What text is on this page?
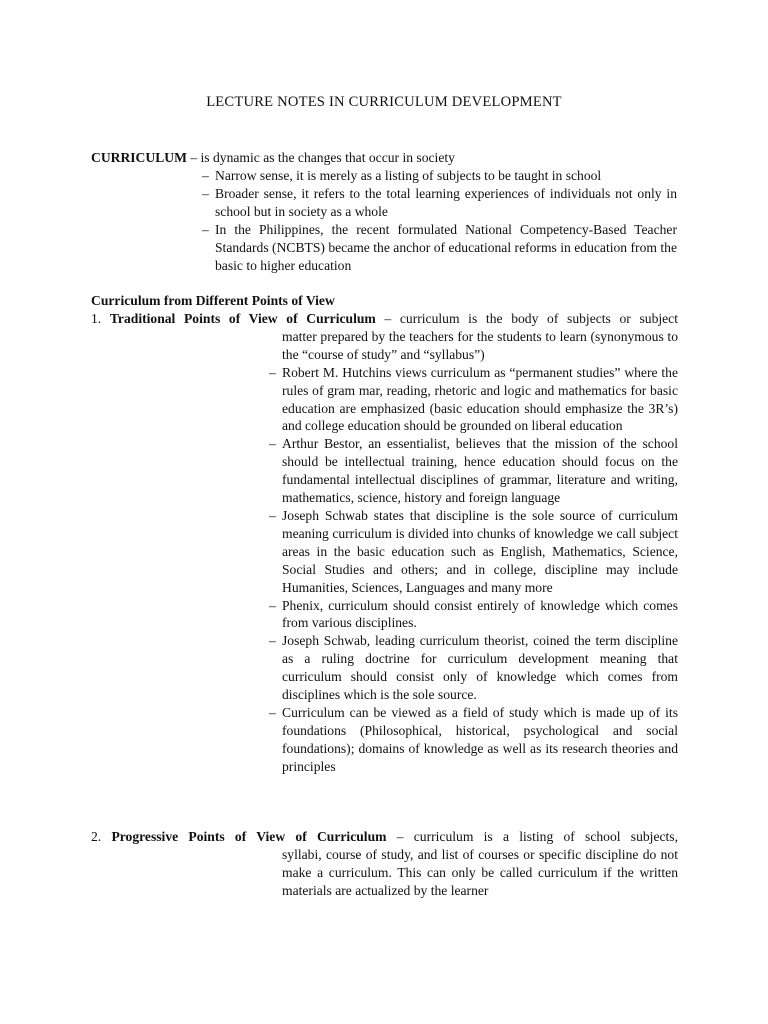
LECTURE NOTES IN CURRICULUM DEVELOPMENT
CURRICULUM – is dynamic as the changes that occur in society
– Narrow sense, it is merely as a listing of subjects to be taught in school
– Broader sense, it refers to the total learning experiences of individuals not only in school but in society as a whole
– In the Philippines, the recent formulated National Competency-Based Teacher Standards (NCBTS) became the anchor of educational reforms in education from the basic to higher education
Curriculum from Different Points of View
1. Traditional Points of View of Curriculum – curriculum is the body of subjects or subject
matter prepared by the teachers for the students to learn (synonymous to the “course of study” and “syllabus”)
– Robert M. Hutchins views curriculum as “permanent studies” where the rules of gram mar, reading, rhetoric and logic and mathematics for basic education are emphasized (basic education should emphasize the 3R’s) and college education should be grounded on liberal education
– Arthur Bestor, an essentialist, believes that the mission of the school should be intellectual training, hence education should focus on the fundamental intellectual disciplines of grammar, literature and writing, mathematics, science, history and foreign language
– Joseph Schwab states that discipline is the sole source of curriculum meaning curriculum is divided into chunks of knowledge we call subject areas in the basic education such as English, Mathematics, Science, Social Studies and others; and in college, discipline may include Humanities, Sciences, Languages and many more
– Phenix, curriculum should consist entirely of knowledge which comes from various disciplines.
– Joseph Schwab, leading curriculum theorist, coined the term discipline as a ruling doctrine for curriculum development meaning that curriculum should consist only of knowledge which comes from disciplines which is the sole source.
– Curriculum can be viewed as a field of study which is made up of its foundations (Philosophical, historical, psychological and social foundations); domains of knowledge as well as its research theories and principles
2. Progressive Points of View of Curriculum – curriculum is a listing of school subjects,
syllabi, course of study, and list of courses or specific discipline do not make a curriculum. This can only be called curriculum if the written materials are actualized by the learner
